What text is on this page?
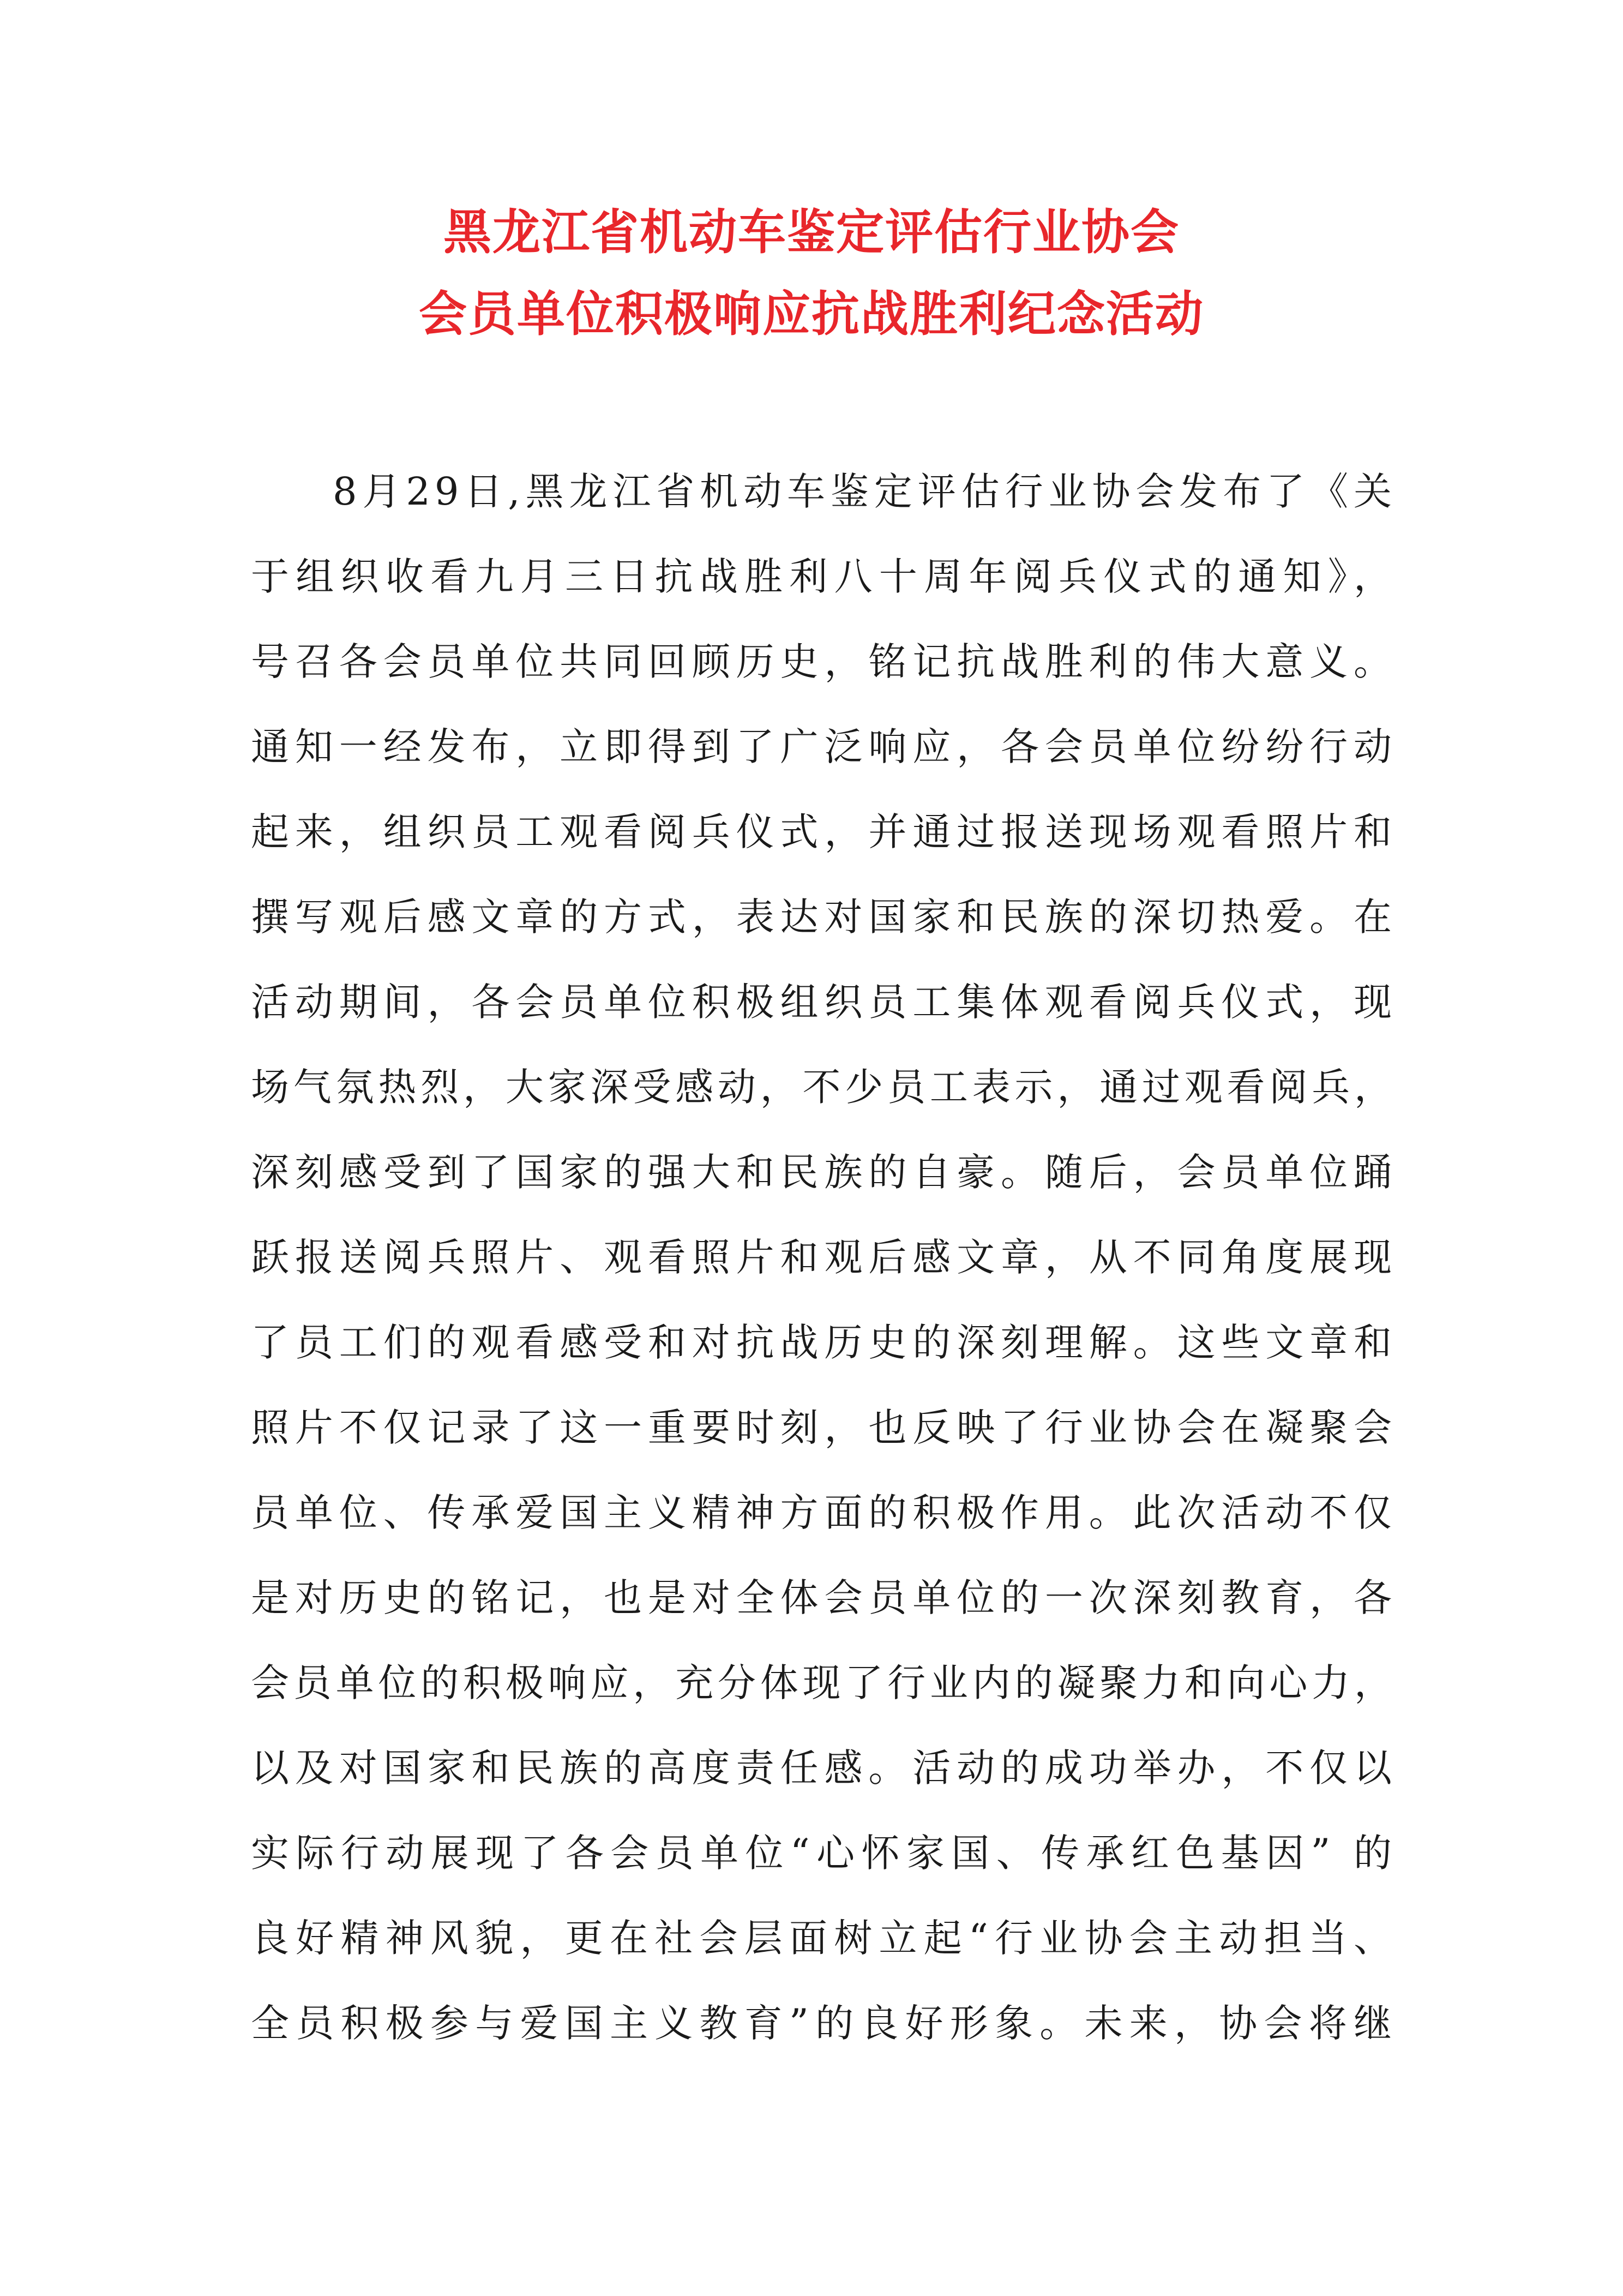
黑龙江省机动车鉴定评估行业协会
会员单位积极响应抗战胜利纪念活动
8月29日,黑龙江省机动车鉴定评估行业协会发布了《关
于组织收看九月三日抗战胜利八十周年阅兵仪式的通知》，
号召各会员单位共同回顾历史，铭记抗战胜利的伟大意义。
通知一经发布，立即得到了广泛响应，各会员单位纷纷行动
起来，组织员工观看阅兵仪式，并通过报送现场观看照片和
撰写观后感文章的方式，表达对国家和民族的深切热爱。在
活动期间，各会员单位积极组织员工集体观看阅兵仪式，现
场气氛热烈，大家深受感动，不少员工表示，通过观看阅兵，
深刻感受到了国家的强大和民族的自豪。随后，会员单位踊
跃报送阅兵照片、观看照片和观后感文章，从不同角度展现
了员工们的观看感受和对抗战历史的深刻理解。这些文章和
照片不仅记录了这一重要时刻，也反映了行业协会在凝聚会
员单位、传承爱国主义精神方面的积极作用。此次活动不仅
是对历史的铭记，也是对全体会员单位的一次深刻教育，各
会员单位的积极响应，充分体现了行业内的凝聚力和向心力，
以及对国家和民族的高度责任感。活动的成功举办，不仅以
实际行动展现了各会员单位“心怀家国、传承红色基因” 的
良好精神风貌，更在社会层面树立起“行业协会主动担当、
全员积极参与爱国主义教育”的良好形象。未来，协会将继
